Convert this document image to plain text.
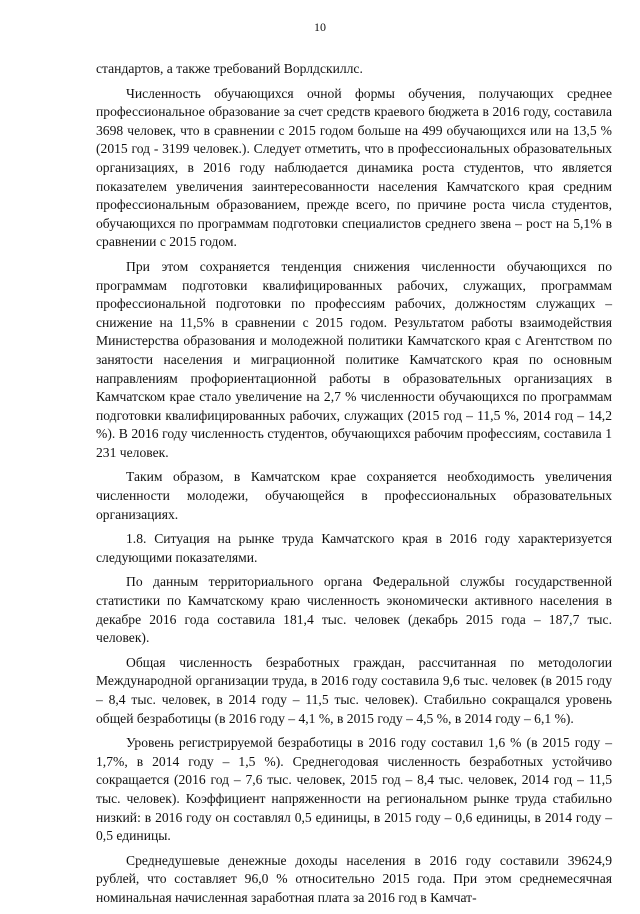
10

стандартов, а также требований Ворлдскиллс.

Численность обучающихся очной формы обучения, получающих среднее профессиональное образование за счет средств краевого бюджета в 2016 году, составила 3698 человек, что в сравнении с 2015 годом больше на 499 обучающихся или на 13,5 % (2015 год - 3199 человек.). Следует отметить, что в профессиональных образовательных организациях, в 2016 году наблюдается динамика роста студентов, что является показателем увеличения заинтересованности населения Камчатского края средним профессиональным образованием, прежде всего, по причине роста числа студентов, обучающихся по программам подготовки специалистов среднего звена – рост на 5,1% в сравнении с 2015 годом.

При этом сохраняется тенденция снижения численности обучающихся по программам подготовки квалифицированных рабочих, служащих, программам профессиональной подготовки по профессиям рабочих, должностям служащих – снижение на 11,5% в сравнении с 2015 годом. Результатом работы взаимодействия Министерства образования и молодежной политики Камчатского края с Агентством по занятости населения и миграционной политике Камчатского края по основным направлениям профориентационной работы в образовательных организациях в Камчатском крае стало увеличение на 2,7 % численности обучающихся по программам подготовки квалифицированных рабочих, служащих (2015 год – 11,5 %, 2014 год – 14,2 %). В 2016 году численность студентов, обучающихся рабочим профессиям, составила 1 231 человек.

Таким образом, в Камчатском крае сохраняется необходимость увеличения численности молодежи, обучающейся в профессиональных образовательных организациях.

1.8. Ситуация на рынке труда Камчатского края в 2016 году характеризуется следующими показателями.

По данным территориального органа Федеральной службы государственной статистики по Камчатскому краю численность экономически активного населения в декабре 2016 года составила 181,4 тыс. человек (декабрь 2015 года – 187,7 тыс. человек).

Общая численность безработных граждан, рассчитанная по методологии Международной организации труда, в 2016 году составила 9,6 тыс. человек (в 2015 году – 8,4 тыс. человек, в 2014 году – 11,5 тыс. человек). Стабильно сокращался уровень общей безработицы (в 2016 году – 4,1 %, в 2015 году – 4,5 %, в 2014 году – 6,1 %).

Уровень регистрируемой безработицы в 2016 году составил 1,6 % (в 2015 году – 1,7%, в 2014 году – 1,5 %). Среднегодовая численность безработных устойчиво сокращается (2016 год – 7,6 тыс. человек, 2015 год – 8,4 тыс. человек, 2014 год – 11,5 тыс. человек). Коэффициент напряженности на региональном рынке труда стабильно низкий: в 2016 году он составлял 0,5 единицы, в 2015 году – 0,6 единицы, в 2014 году – 0,5 единицы.

Среднедушевые денежные доходы населения в 2016 году составили 39624,9 рублей, что составляет 96,0 % относительно 2015 года. При этом среднемесячная номинальная начисленная заработная плата за 2016 год в Камчат-
